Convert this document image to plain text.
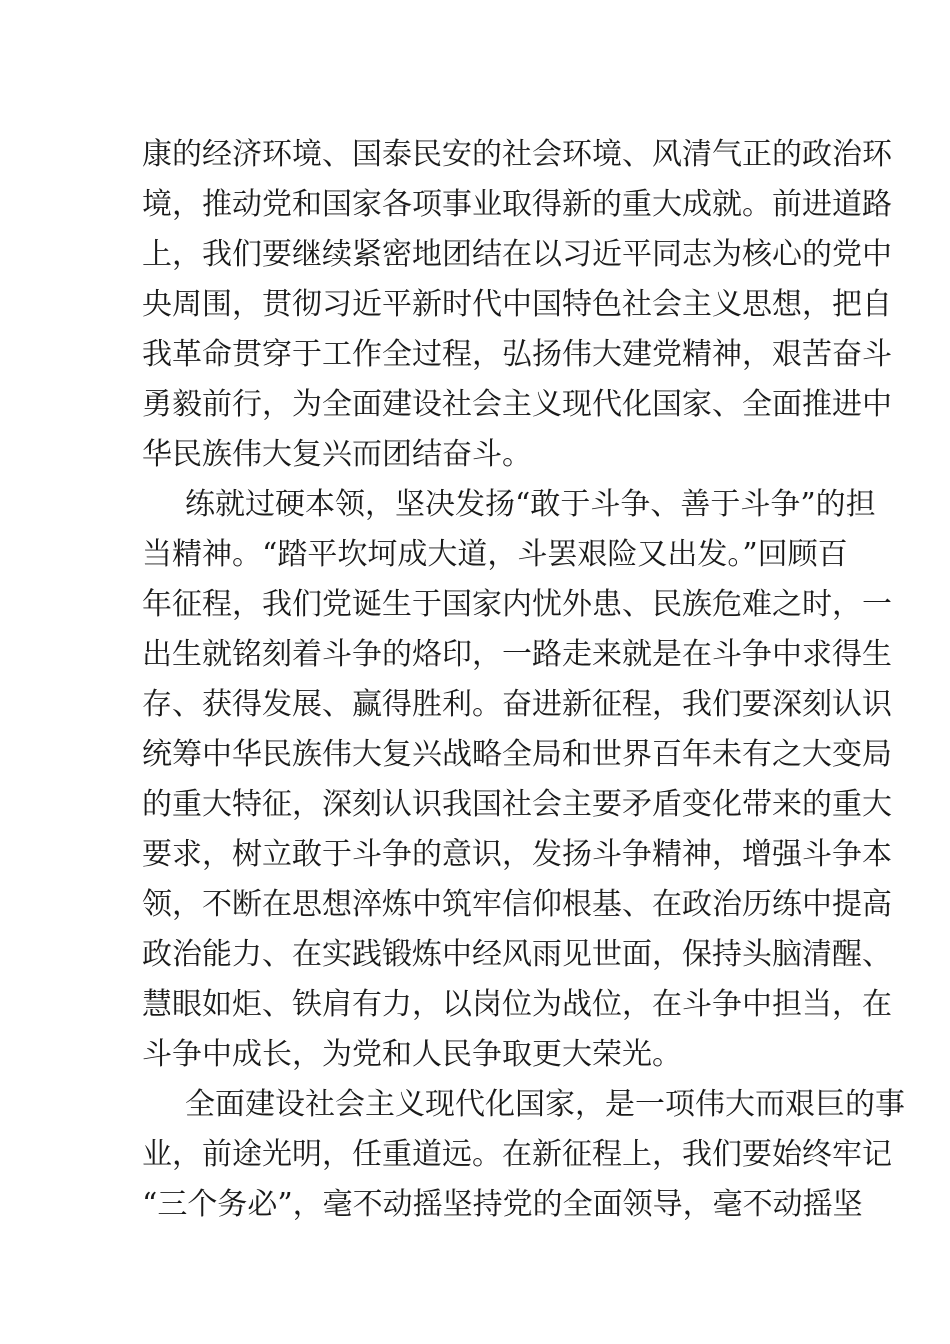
康的经济环境、国泰民安的社会环境、风清气正的政治环
境，推动党和国家各项事业取得新的重大成就。前进道路
上，我们要继续紧密地团结在以习近平同志为核心的党中
央周围，贯彻习近平新时代中国特色社会主义思想，把自
我革命贯穿于工作全过程，弘扬伟大建党精神，艰苦奋斗
勇毅前行，为全面建设社会主义现代化国家、全面推进中
华民族伟大复兴而团结奋斗。
练就过硬本领，坚决发扬“敢于斗争、善于斗争”的担
当精神。“踏平坎坷成大道，斗罢艰险又出发。”回顾百
年征程，我们党诞生于国家内忧外患、民族危难之时，一
出生就铭刻着斗争的烙印，一路走来就是在斗争中求得生
存、获得发展、赢得胜利。奋进新征程，我们要深刻认识
统筹中华民族伟大复兴战略全局和世界百年未有之大变局
的重大特征，深刻认识我国社会主要矛盾变化带来的重大
要求，树立敢于斗争的意识，发扬斗争精神，增强斗争本
领，不断在思想淬炼中筑牢信仰根基、在政治历练中提高
政治能力、在实践锻炼中经风雨见世面，保持头脑清醒、
慧眼如炬、铁肩有力，以岗位为战位，在斗争中担当，在
斗争中成长，为党和人民争取更大荣光。
全面建设社会主义现代化国家，是一项伟大而艰巨的事
业，前途光明，任重道远。在新征程上，我们要始终牢记
“三个务必”，毫不动摇坚持党的全面领导，毫不动摇坚
